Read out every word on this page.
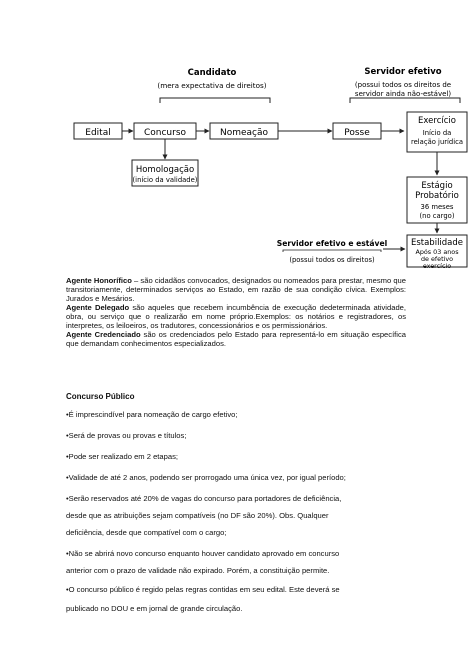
Candidato
(mera expectativa de direitos)
Servidor efetivo
(possui todos os direitos de
servidor ainda não-estável)
Edital	Concurso	Nomeação	Posse
Homologação
(início da validade)
Exercício
Início da
relação jurídica
Estágio
Probatório
36 meses
(no cargo)
Estabilidade
Após 03 anos
de efetivo
exercício
Servidor efetivo e estável
(possui todos os direitos)

Agente Honorífico – são cidadãos convocados, designados ou nomeados para prestar, mesmo que transitoriamente, determinados serviços ao Estado, em razão de sua condição cívica. Exemplos: Jurados e Mesários.

Agente Delegado são aqueles que recebem incumbência de execução dedeterminada atividade, obra, ou serviço que o realizarão em nome próprio.Exemplos: os notários e registradores, os interpretes, os leiloeiros, os tradutores, concessionários e os permissionários.

Agente Credenciado são os credenciados pelo Estado para representá-lo em situação específica que demandam conhecimentos especializados.

Concurso Público
•É imprescindível para nomeação de cargo efetivo;
•Será de provas ou provas e títulos;
•Pode ser realizado em 2 etapas;
•Validade de até 2 anos, podendo ser prorrogado uma única vez, por igual período;
•Serão reservados até 20% de vagas do concurso para portadores de deficiência,
desde que as atribuições sejam compatíveis (no DF são 20%). Obs. Qualquer
deficiência, desde que compatível com o cargo;
•Não se abrirá novo concurso enquanto houver candidato aprovado em concurso
anterior com o prazo de validade não expirado. Porém, a constituição permite.
•O concurso público é regido pelas regras contidas em seu edital. Este deverá se
publicado no DOU e em jornal de grande circulação.
